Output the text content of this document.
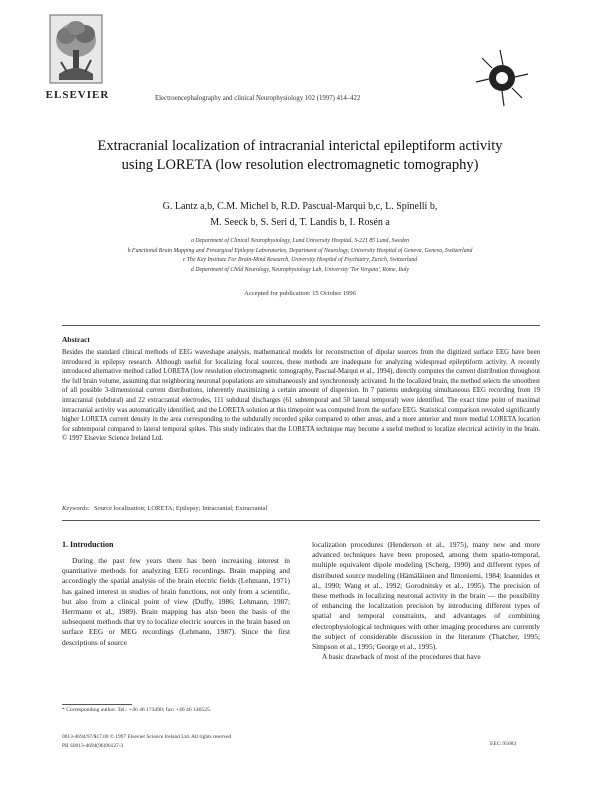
ELSEVIER	Electroencephalography and clinical Neurophysiology 102 (1997) 414–422
Extracranial localization of intracranial interictal epileptiform activity using LORETA (low resolution electromagnetic tomography)
G. Lantz a,b, C.M. Michel b, R.D. Pascual-Marqui b,c, L. Spinelli b,
M. Seeck b, S. Seri d, T. Landis b, I. Rosén a
a Department of Clinical Neurophysiology, Lund University Hospital, S-221 85 Lund, Sweden
b Functional Brain Mapping and Presurgical Epilepsy Laboratories, Department of Neurology, University Hospital of Geneva, Geneva, Switzerland
c The Key Institute For Brain-Mind Research, University Hospital of Psychiatry, Zurich, Switzerland
d Department of Child Neurology, Neurophysiology Lab, University 'Tor Vergata', Rome, Italy
Accepted for publication: 15 October 1996
Abstract
Besides the standard clinical methods of EEG waveshape analysis, mathematical models for reconstruction of dipolar sources from the digitized surface EEG have been introduced in epilepsy research. Although useful for localizing focal sources, these methods are inadequate for analyzing widespread epileptiform activity. A recently introduced alternative method called LORETA (low resolution electromagnetic tomography, Pascual-Marqui et al., 1994), directly computes the current distribution throughout the full brain volume, assuming that neighboring neuronal populations are simultaneously and synchronously activated. In the localized brain, the method selects the smoothest of all possible 3-dimensional current distributions, inherently maximizing a certain amount of dispersion. In 7 patients undergoing simultaneous EEG recording from 19 intracranial (subdural) and 22 extracranial electrodes, 111 subdural discharges (61 subtemporal and 50 lateral temporal) were identified. The exact time point of maximal intracranial activity was automatically identified, and the LORETA solution at this timepoint was computed from the surface EEG. Statistical comparison revealed significantly higher LORETA current density in the area corresponding to the subdurally recorded spike compared to other areas, and a more anterior and more medial LORETA location for subtemporal compared to lateral temporal spikes. This study indicates that the LORETA technique may become a useful method to localize electrical activity in the brain. © 1997 Elsevier Science Ireland Ltd.
Keywords: Source localization; LORETA; Epilepsy; Intracranial; Extracranial
1. Introduction

During the past few years there has been increasing interest in quantitative methods for analyzing EEG recordings. Brain mapping and accordingly the spatial analysis of the brain electric fields (Lehmann, 1971) has gained interest in studies of brain functions, not only from a scientific, but also from a clinical point of view (Duffy, 1986; Lehmann, 1987; Herrmann et al., 1989). Brain mapping has also been the basis of the subsequent methods that try to localize electric sources in the brain based on surface EEG or MEG recordings (Lehmann, 1987). Since the first descriptions of source

localization procedures (Henderson et al., 1975), many new and more advanced techniques have been proposed, among them spatio-temporal, multiple equivalent dipole modeling (Scherg, 1990) and different types of distributed source modeling (Hämäläinen and Ilmoniemi, 1984; Ioannides et al., 1990; Wang et al., 1992; Gorodnitsky et al., 1995). The precision of these methods in localizing neuronal activity in the brain — the possibility of enhancing the localization precision by introducing different types of spatial and temporal constraints, and advantages of combining electrophysiological techniques with other imaging procedures are currently the subject of considerable discussion in the literature (Thatcher, 1995; Simpson et al., 1995; George et al., 1995).

A basic drawback of most of the procedures that have

* Corresponding author. Tel.: +46 46 173490; fax: +46 46 146525.
0013-4694/97/$17.00 © 1997 Elsevier Science Ireland Ltd. All rights reserved
PII S0013-4694(96)96127-3	EEG 95683
